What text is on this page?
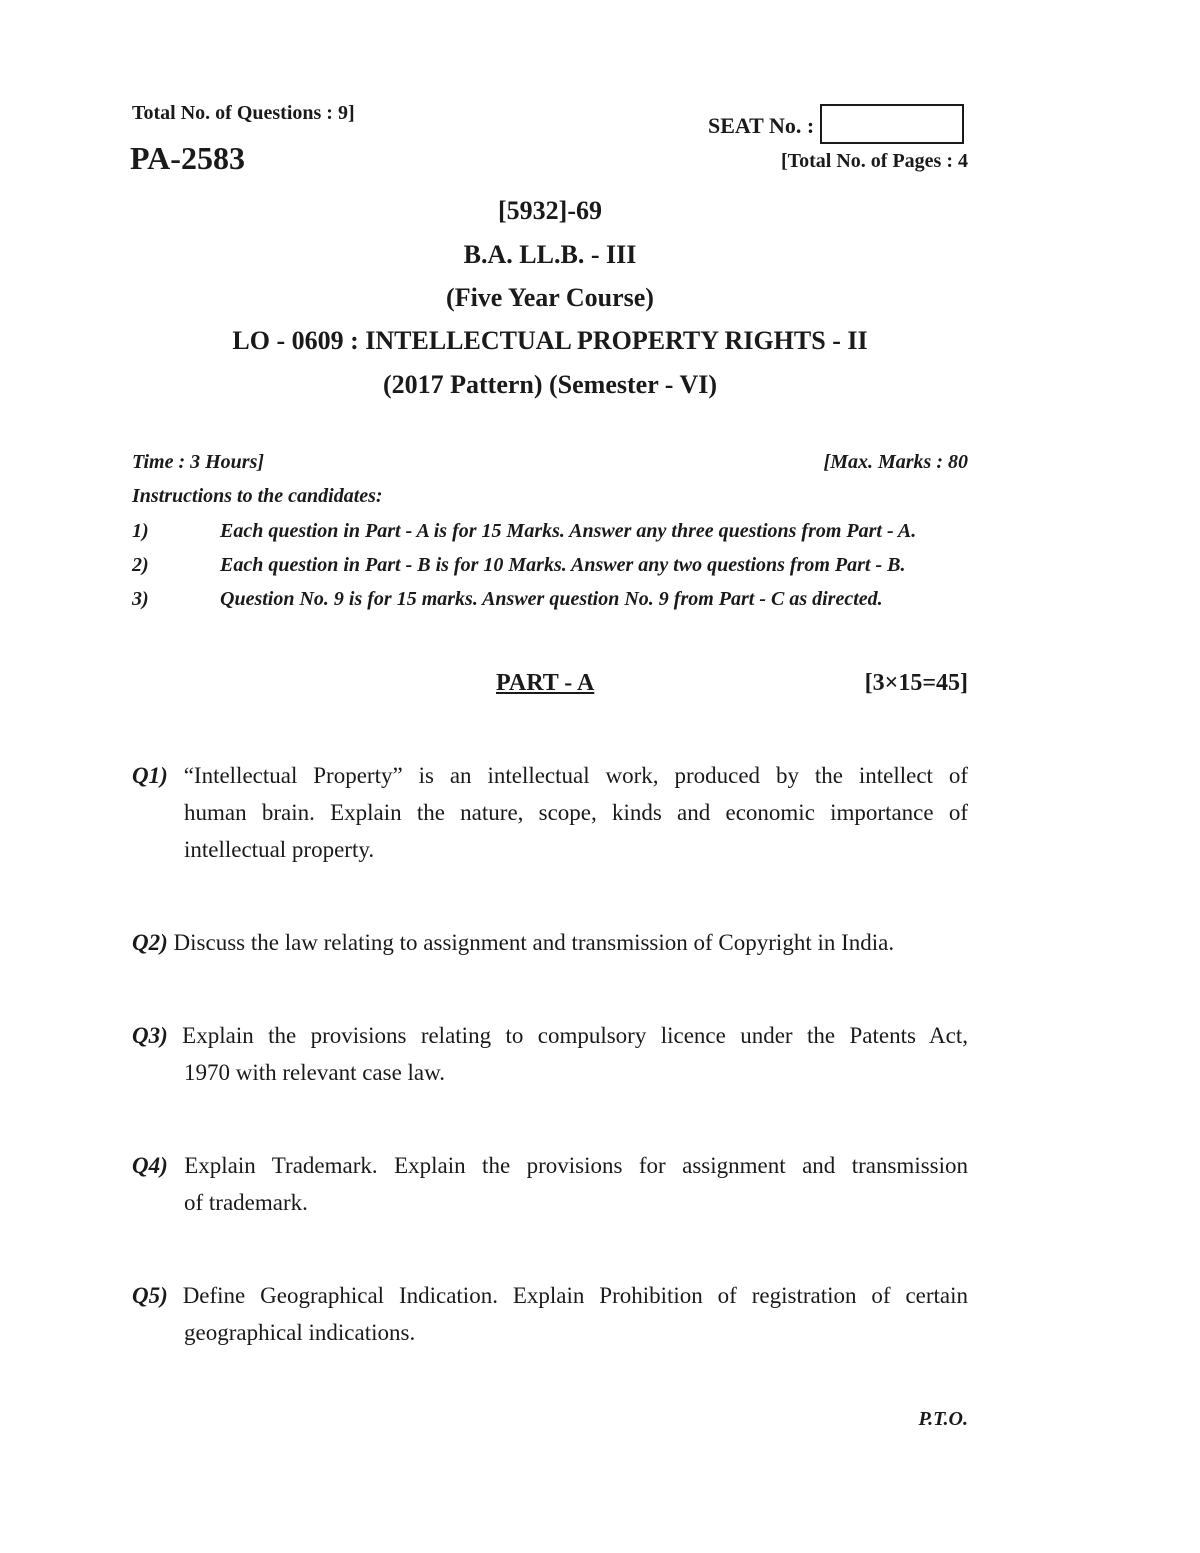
Total No. of Questions : 9]
PA-2583
SEAT No. :
[Total No. of Pages : 4
[5932]-69
B.A. LL.B. - III
(Five Year Course)
LO - 0609 : INTELLECTUAL PROPERTY RIGHTS - II
(2017 Pattern) (Semester - VI)
Time : 3 Hours]	[Max. Marks : 80
Instructions to the candidates:
1)	Each question in Part - A is for 15 Marks. Answer any three questions from Part - A.
2)	Each question in Part - B is for 10 Marks. Answer any two questions from Part - B.
3)	Question No. 9 is for 15 marks. Answer question No. 9 from Part - C as directed.
PART - A	[3×15=45]
Q1) “Intellectual Property” is an intellectual work, produced by the intellect of
human brain. Explain the nature, scope, kinds and economic importance of
intellectual property.
Q2) Discuss the law relating to assignment and transmission of Copyright in India.
Q3) Explain the provisions relating to compulsory licence under the Patents Act,
1970 with relevant case law.
Q4) Explain Trademark. Explain the provisions for assignment and transmission
of trademark.
Q5) Define Geographical Indication. Explain Prohibition of registration of certain
geographical indications.
P.T.O.
